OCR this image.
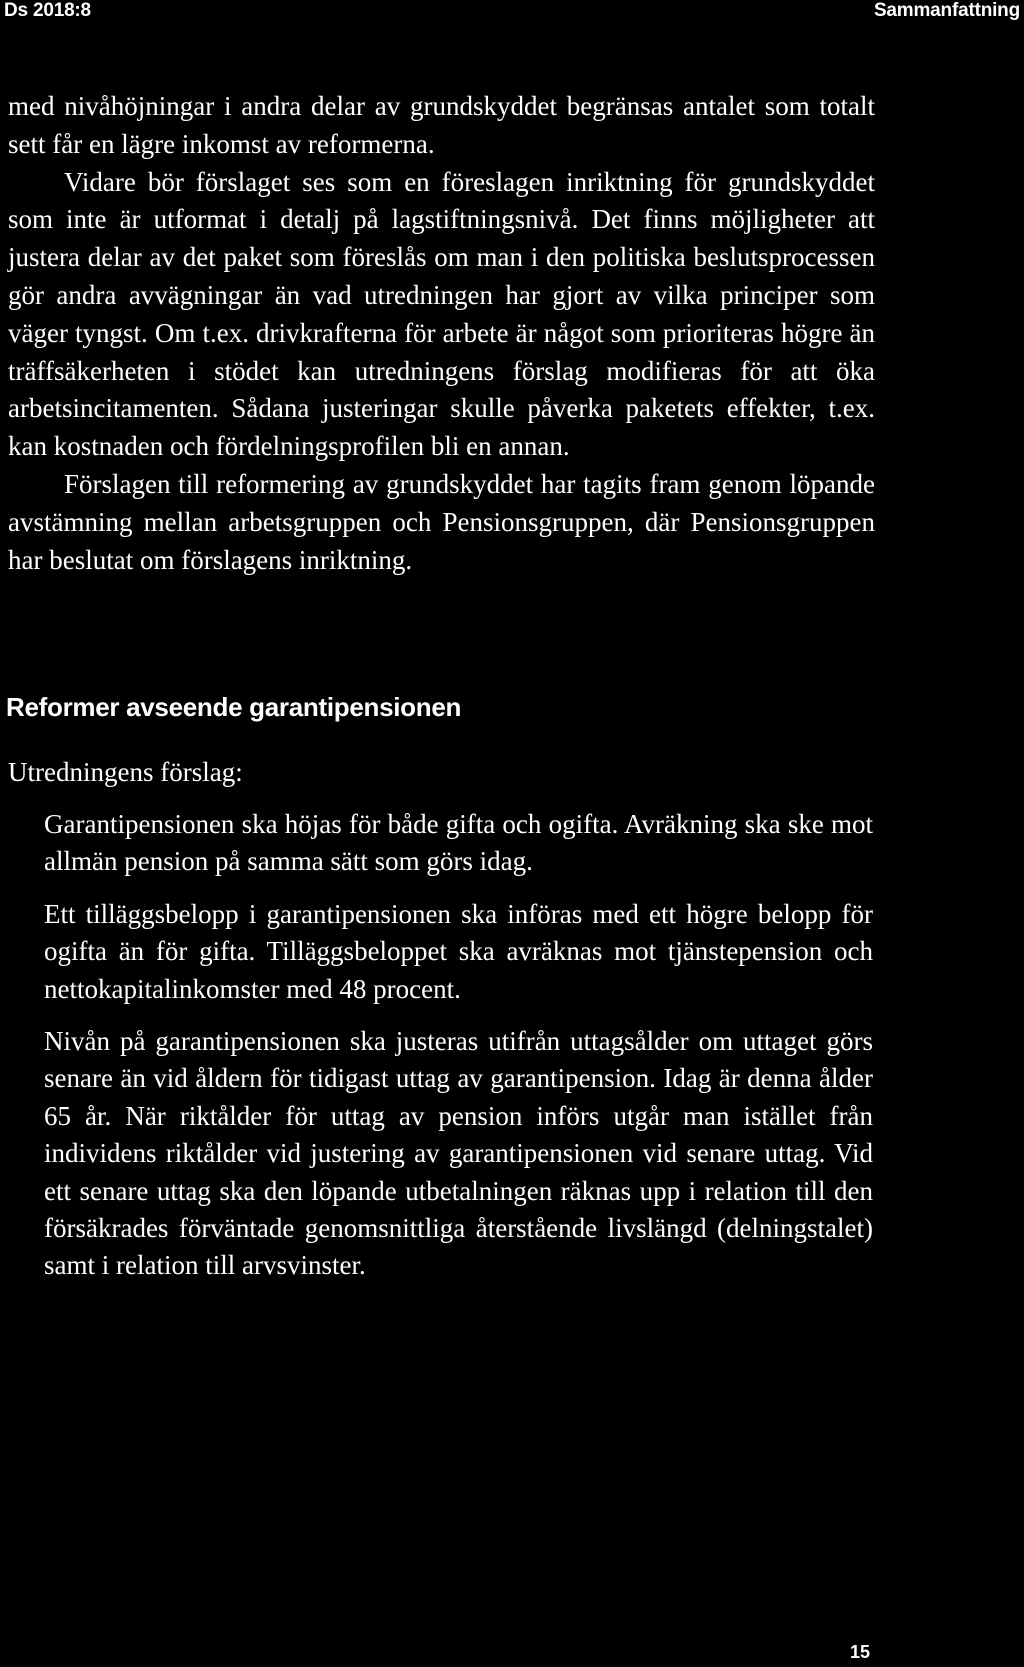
Ds 2018:8	Sammanfattning

med nivåhöjningar i andra delar av grundskyddet begränsas antalet som totalt sett får en lägre inkomst av reformerna.

Vidare bör förslaget ses som en föreslagen inriktning för grundskyddet som inte är utformat i detalj på lagstiftningsnivå. Det finns möjligheter att justera delar av det paket som föreslås om man i den politiska beslutsprocessen gör andra avvägningar än vad utredningen har gjort av vilka principer som väger tyngst. Om t.ex. drivkrafterna för arbete är något som prioriteras högre än träffsäkerheten i stödet kan utredningens förslag modifieras för att öka arbetsincitamenten. Sådana justeringar skulle påverka paketets effekter, t.ex. kan kostnaden och fördelningsprofilen bli en annan.

Förslagen till reformering av grundskyddet har tagits fram genom löpande avstämning mellan arbetsgruppen och Pensionsgruppen, där Pensionsgruppen har beslutat om förslagens inriktning.

Reformer avseende garantipensionen
Utredningens förslag:

Garantipensionen ska höjas för både gifta och ogifta. Avräkning ska ske mot allmän pension på samma sätt som görs idag.

Ett tilläggsbelopp i garantipensionen ska införas med ett högre belopp för ogifta än för gifta. Tilläggsbeloppet ska avräknas mot tjänstepension och nettokapitalinkomster med 48 procent.

Nivån på garantipensionen ska justeras utifrån uttagsålder om uttaget görs senare än vid åldern för tidigast uttag av garantipension. Idag är denna ålder 65 år. När riktålder för uttag av pension införs utgår man istället från individens riktålder vid justering av garantipensionen vid senare uttag. Vid ett senare uttag ska den löpande utbetalningen räknas upp i relation till den försäkrades förväntade genomsnittliga återstående livslängd (delningstalet) samt i relation till arvsvinster.

15
